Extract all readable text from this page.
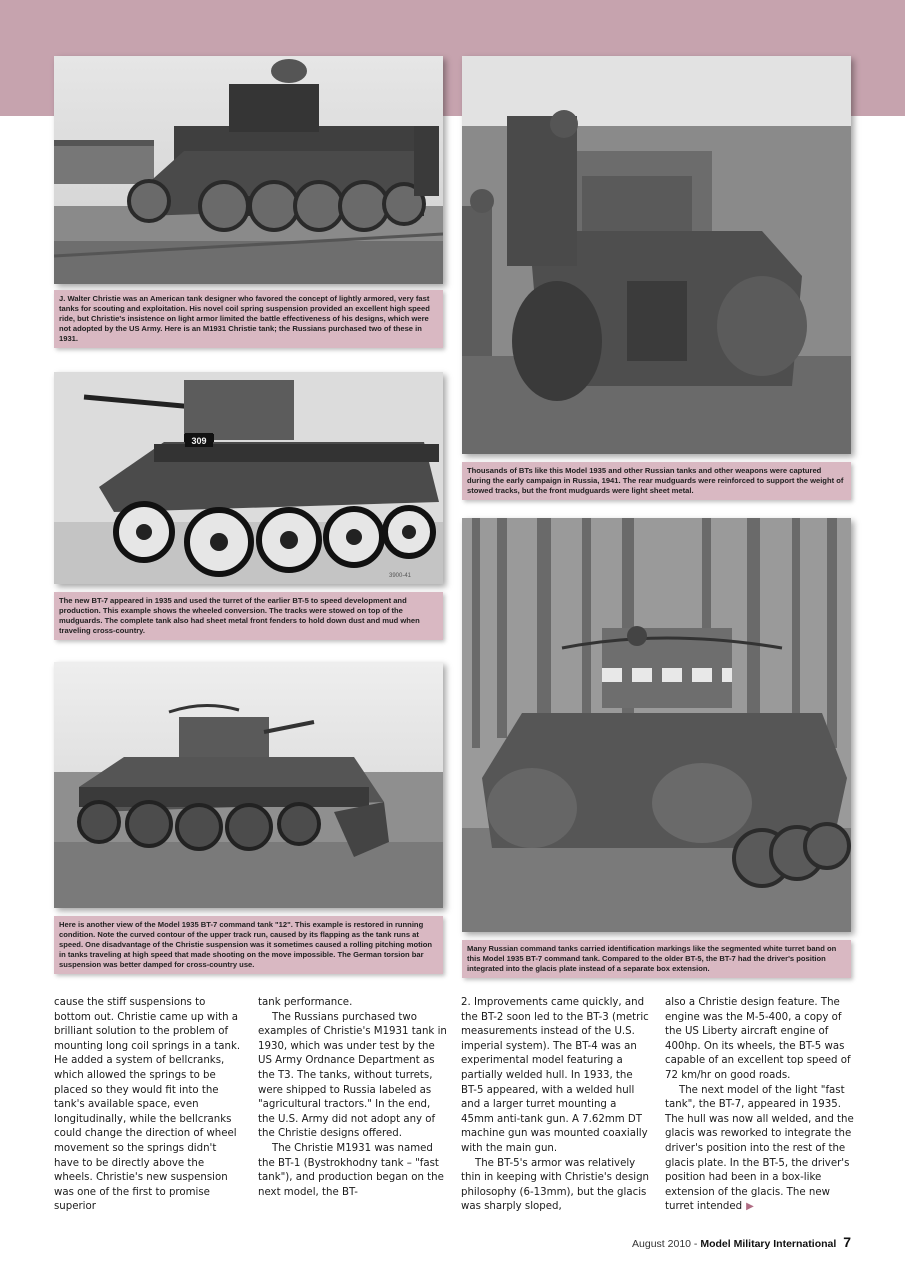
J. Walter Christie was an American tank designer who favored the concept of lightly armored, very fast tanks for scouting and exploitation. His novel coil spring suspension provided an excellent high speed ride, but Christie's insistence on light armor limited the battle effectiveness of his designs, which were not adopted by the US Army. Here is an M1931 Christie tank; the Russians purchased two of these in 1931.
309
3900-41
The new BT-7 appeared in 1935 and used the turret of the earlier BT-5 to speed development and production. This example shows the wheeled conversion. The tracks were stowed on top of the mudguards. The complete tank also had sheet metal front fenders to hold down dust and mud when traveling cross-country.
Here is another view of the Model 1935 BT-7 command tank "12". This example is restored in running condition. Note the curved contour of the upper track run, caused by its flapping as the tank runs at speed. One disadvantage of the Christie suspension was it sometimes caused a rolling pitching motion in tanks traveling at high speed that made shooting on the move impossible. The German torsion bar suspension was better damped for cross-country use.
Thousands of BTs like this Model 1935 and other Russian tanks and other weapons were captured during the early campaign in Russia, 1941. The rear mudguards were reinforced to support the weight of stowed tracks, but the front mudguards were light sheet metal.
Many Russian command tanks carried identification markings like the segmented white turret band on this Model 1935 BT-7 command tank. Compared to the older BT-5, the BT-7 had the driver's position integrated into the glacis plate instead of a separate box extension.

cause the stiff suspensions to bottom out. Christie came up with a brilliant solution to the problem of mounting long coil springs in a tank. He added a system of bellcranks, which allowed the springs to be placed so they would fit into the tank's available space, even longitudinally, while the bellcranks could change the direction of wheel movement so the springs didn't have to be directly above the wheels. Christie's new suspension was one of the first to promise superior

tank performance.

The Russians purchased two examples of Christie's M1931 tank in 1930, which was under test by the US Army Ordnance Department as the T3. The tanks, without turrets, were shipped to Russia labeled as "agricultural tractors." In the end, the U.S. Army did not adopt any of the Christie designs offered.

The Christie M1931 was named the BT-1 (Bystrokhodny tank – "fast tank"), and production began on the next model, the BT-

2. Improvements came quickly, and the BT-2 soon led to the BT-3 (metric measurements instead of the U.S. imperial system). The BT-4 was an experimental model featuring a partially welded hull. In 1933, the BT-5 appeared, with a welded hull and a larger turret mounting a 45mm anti-tank gun. A 7.62mm DT machine gun was mounted coaxially with the main gun.

The BT-5's armor was relatively thin in keeping with Christie's design philosophy (6-13mm), but the glacis was sharply sloped,

also a Christie design feature. The engine was the M-5-400, a copy of the US Liberty aircraft engine of 400hp. On its wheels, the BT-5 was capable of an excellent top speed of 72 km/hr on good roads.

The next model of the light "fast tank", the BT-7, appeared in 1935. The hull was now all welded, and the glacis was reworked to integrate the driver's position into the rest of the glacis plate. In the BT-5, the driver's position had been in a box-like extension of the glacis. The new turret intended ▶

August 2010 - Model Military International 7
